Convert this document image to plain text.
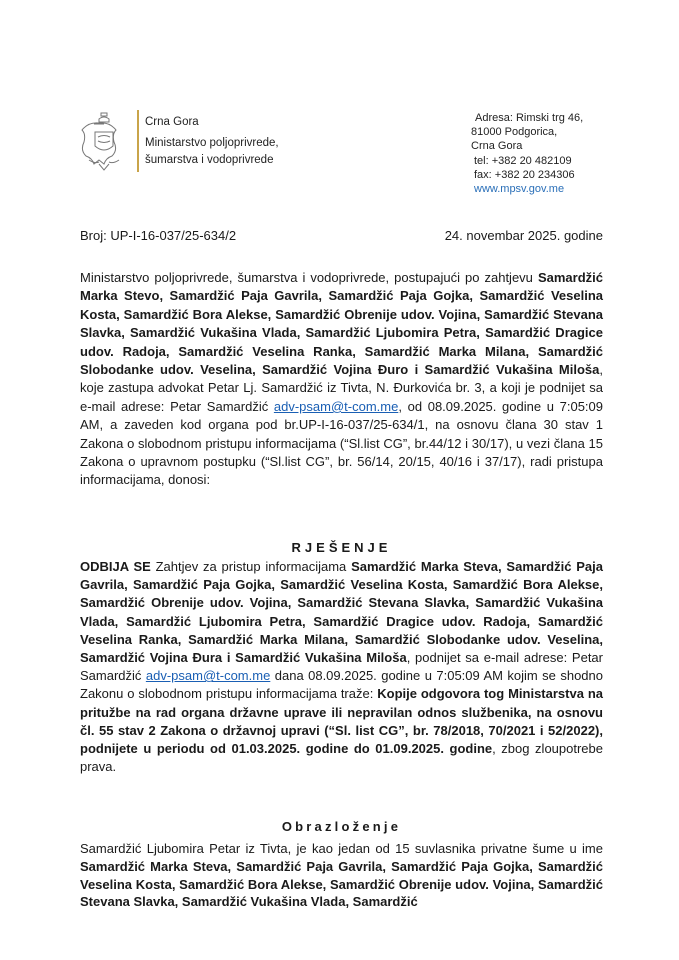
Crna Gora
Ministarstvo poljoprivrede,
šumarstva i vodoprivrede
Adresa: Rimski trg 46,
81000 Podgorica,
Crna Gora
tel: +382 20 482109
fax: +382 20 234306
www.mpsv.gov.me
Broj: UP-I-16-037/25-634/2	24. novembar 2025. godine
Ministarstvo poljoprivrede, šumarstva i vodoprivrede, postupajući po zahtjevu Samardžić Marka Stevo, Samardžić Paja Gavrila, Samardžić Paja Gojka, Samardžić Veselina Kosta, Samardžić Bora Alekse, Samardžić Obrenije udov. Vojina, Samardžić Stevana Slavka, Samardžić Vukašina Vlada, Samardžić Ljubomira Petra, Samardžić Dragice udov. Radoja, Samardžić Veselina Ranka, Samardžić Marka Milana, Samardžić Slobodanke udov. Veselina, Samardžić Vojina Đuro i Samardžić Vukašina Miloša, koje zastupa advokat Petar Lj. Samardžić iz Tivta, N. Đurkovića br. 3, a koji je podnijet sa e-mail adrese: Petar Samardžić adv-psam@t-com.me, od 08.09.2025. godine u 7:05:09 AM, a zaveden kod organa pod br.UP-I-16-037/25-634/1, na osnovu člana 30 stav 1 Zakona o slobodnom pristupu informacijama (“Sl.list CG”, br.44/12 i 30/17), u vezi člana 15 Zakona o upravnom postupku (“Sl.list CG”, br. 56/14, 20/15, 40/16 i 37/17), radi pristupa informacijama, donosi:
RJEŠENJE
ODBIJA SE Zahtjev za pristup informacijama Samardžić Marka Steva, Samardžić Paja Gavrila, Samardžić Paja Gojka, Samardžić Veselina Kosta, Samardžić Bora Alekse, Samardžić Obrenije udov. Vojina, Samardžić Stevana Slavka, Samardžić Vukašina Vlada, Samardžić Ljubomira Petra, Samardžić Dragice udov. Radoja, Samardžić Veselina Ranka, Samardžić Marka Milana, Samardžić Slobodanke udov. Veselina, Samardžić Vojina Đura i Samardžić Vukašina Miloša, podnijet sa e-mail adrese: Petar Samardžić adv-psam@t-com.me dana 08.09.2025. godine u 7:05:09 AM kojim se shodno Zakonu o slobodnom pristupu informacijama traže: Kopije odgovora tog Ministarstva na pritužbe na rad organa državne uprave ili nepravilan odnos službenika, na osnovu čl. 55 stav 2 Zakona o državnoj upravi (“Sl. list CG”, br. 78/2018, 70/2021 i 52/2022), podnijete u periodu od 01.03.2025. godine do 01.09.2025. godine, zbog zloupotrebe prava.
Obrazloženje
Samardžić Ljubomira Petar iz Tivta, je kao jedan od 15 suvlasnika privatne šume u ime Samardžić Marka Steva, Samardžić Paja Gavrila, Samardžić Paja Gojka, Samardžić Veselina Kosta, Samardžić Bora Alekse, Samardžić Obrenije udov. Vojina, Samardžić Stevana Slavka, Samardžić Vukašina Vlada, Samardžić
